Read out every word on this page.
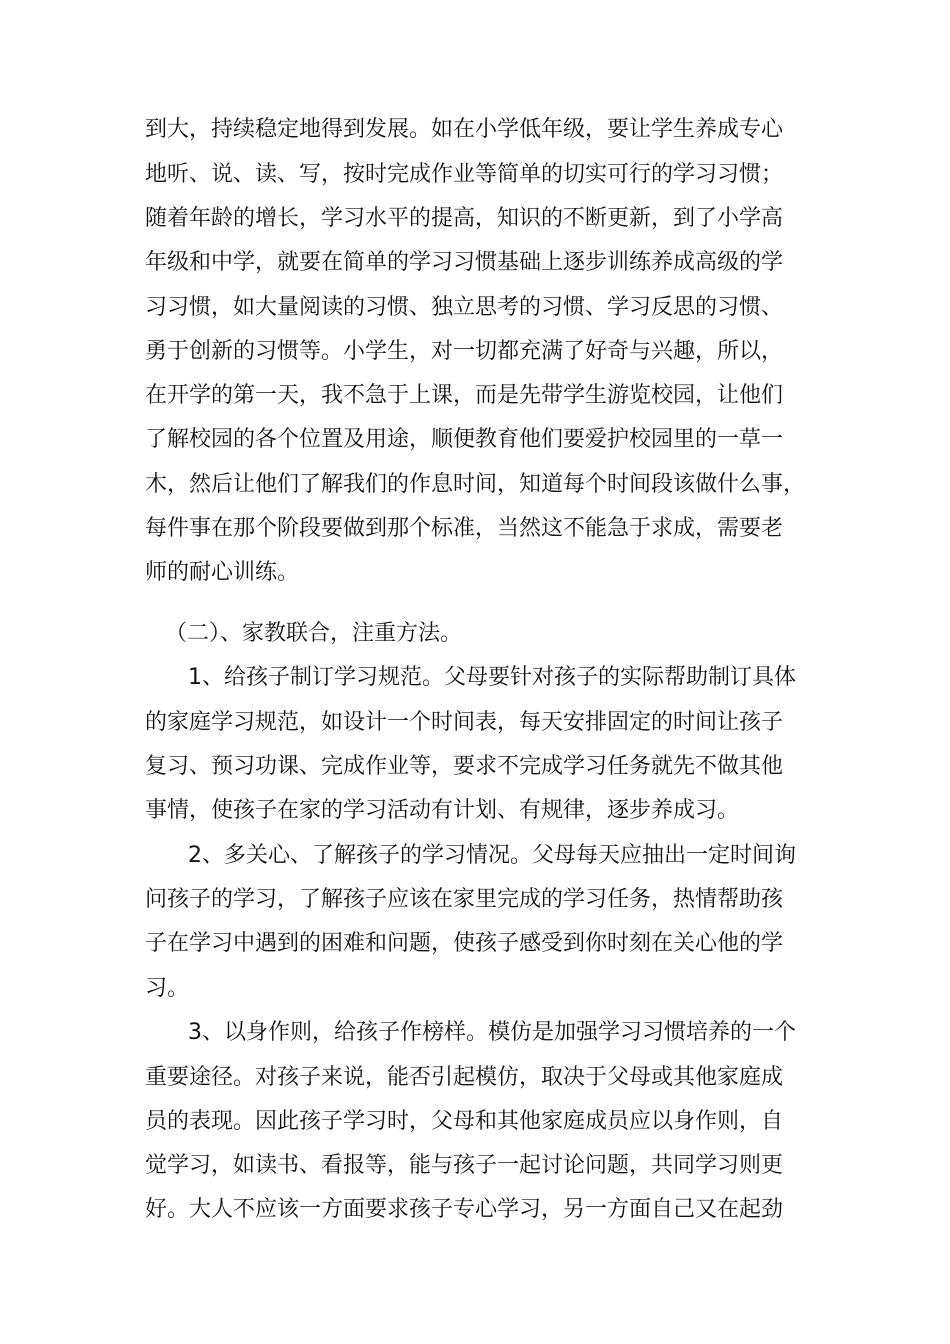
到大，持续稳定地得到发展。如在小学低年级，要让学生养成专心
地听、说、读、写，按时完成作业等简单的切实可行的学习习惯；
随着年龄的增长，学习水平的提高，知识的不断更新，到了小学高
年级和中学，就要在简单的学习习惯基础上逐步训练养成高级的学
习习惯，如大量阅读的习惯、独立思考的习惯、学习反思的习惯、
勇于创新的习惯等。小学生，对一切都充满了好奇与兴趣，所以，
在开学的第一天，我不急于上课，而是先带学生游览校园，让他们
了解校园的各个位置及用途，顺便教育他们要爱护校园里的一草一
木，然后让他们了解我们的作息时间，知道每个时间段该做什么事，
每件事在那个阶段要做到那个标准，当然这不能急于求成，需要老
师的耐心训练。
（二）、家教联合，注重方法。
1、给孩子制订学习规范。父母要针对孩子的实际帮助制订具体
的家庭学习规范，如设计一个时间表，每天安排固定的时间让孩子
复习、预习功课、完成作业等，要求不完成学习任务就先不做其他
事情，使孩子在家的学习活动有计划、有规律，逐步养成习。
2、多关心、了解孩子的学习情况。父母每天应抽出一定时间询
问孩子的学习，了解孩子应该在家里完成的学习任务，热情帮助孩
子在学习中遇到的困难和问题，使孩子感受到你时刻在关心他的学
习。
3、以身作则，给孩子作榜样。模仿是加强学习习惯培养的一个
重要途径。对孩子来说，能否引起模仿，取决于父母或其他家庭成
员的表现。因此孩子学习时，父母和其他家庭成员应以身作则，自
觉学习，如读书、看报等，能与孩子一起讨论问题，共同学习则更
好。大人不应该一方面要求孩子专心学习，另一方面自己又在起劲
